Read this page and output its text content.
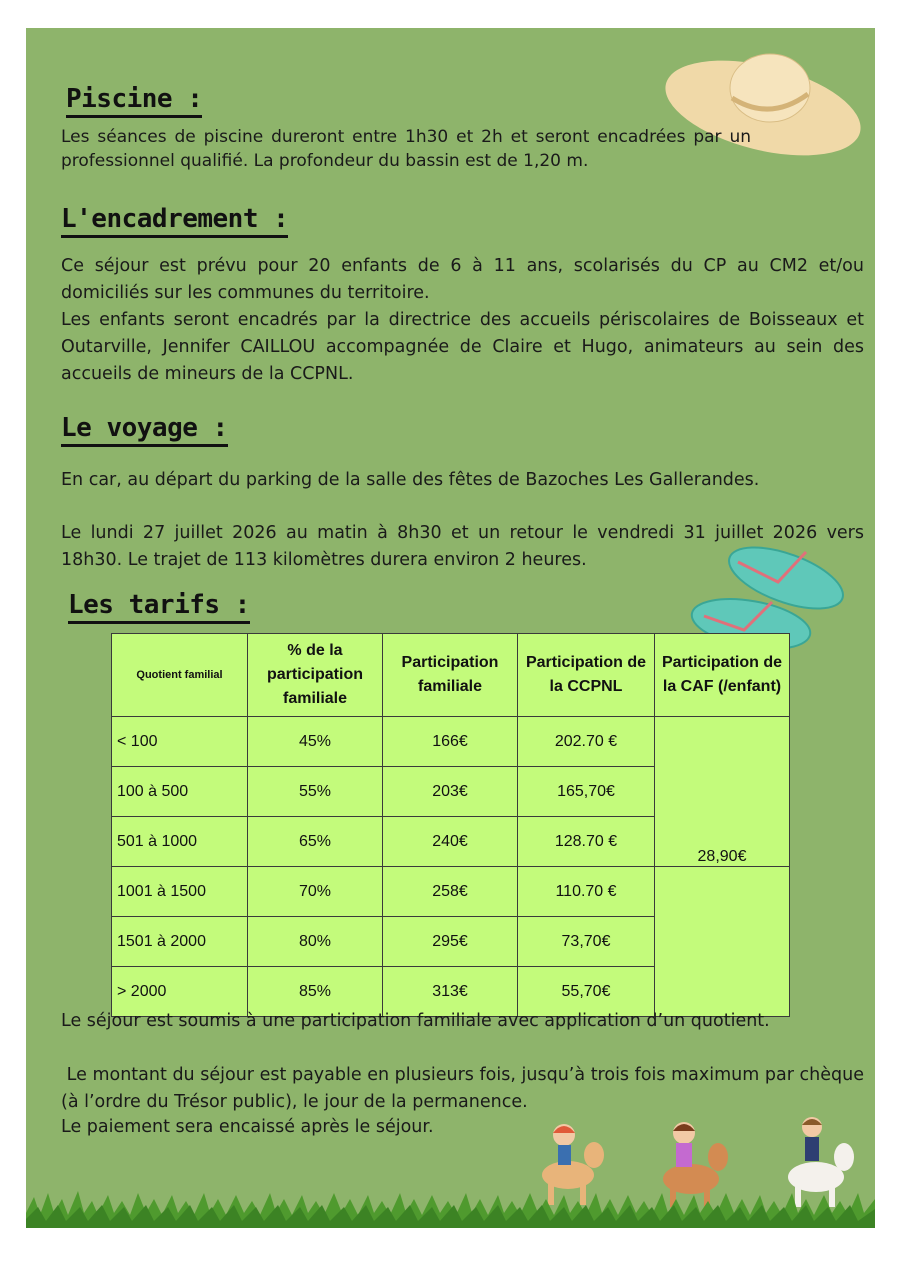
Piscine :

Les séances de piscine dureront entre 1h30 et 2h et seront encadrées par un professionnel qualifié. La profondeur du bassin est de 1,20 m.

L'encadrement :

Ce séjour est prévu pour 20 enfants de 6 à 11 ans, scolarisés du CP au CM2 et/ou domiciliés sur les communes du territoire.

Les enfants seront encadrés par la directrice des accueils périscolaires de Boisseaux et Outarville, Jennifer CAILLOU accompagnée de Claire et Hugo, animateurs au sein des accueils de mineurs de la CCPNL.

Le voyage :

En car, au départ du parking de la salle des fêtes de Bazoches Les Gallerandes.

Le lundi 27 juillet 2026 au matin à 8h30 et un retour le vendredi 31 juillet 2026 vers 18h30. Le trajet de 113 kilomètres durera environ 2 heures.

Les tarifs :
Quotient familial	% de la participation familiale	Participation familiale	Participation de la CCPNL	Participation de la CAF (/enfant)
< 100	45%	166€	202.70 €	28,90€
100 à 500	55%	203€	165,70€	
501 à 1000	65%	240€	128.70 €	
1001 à 1500	70%	258€	110.70 €	
1501 à 2000	80%	295€	73,70€	
> 2000	85%	313€	55,70€	

Le séjour est soumis à une participation familiale avec application d’un quotient.

Le montant du séjour est payable en plusieurs fois, jusqu’à trois fois maximum par chèque (à l’ordre du Trésor public), le jour de la permanence.

Le paiement sera encaissé après le séjour.
